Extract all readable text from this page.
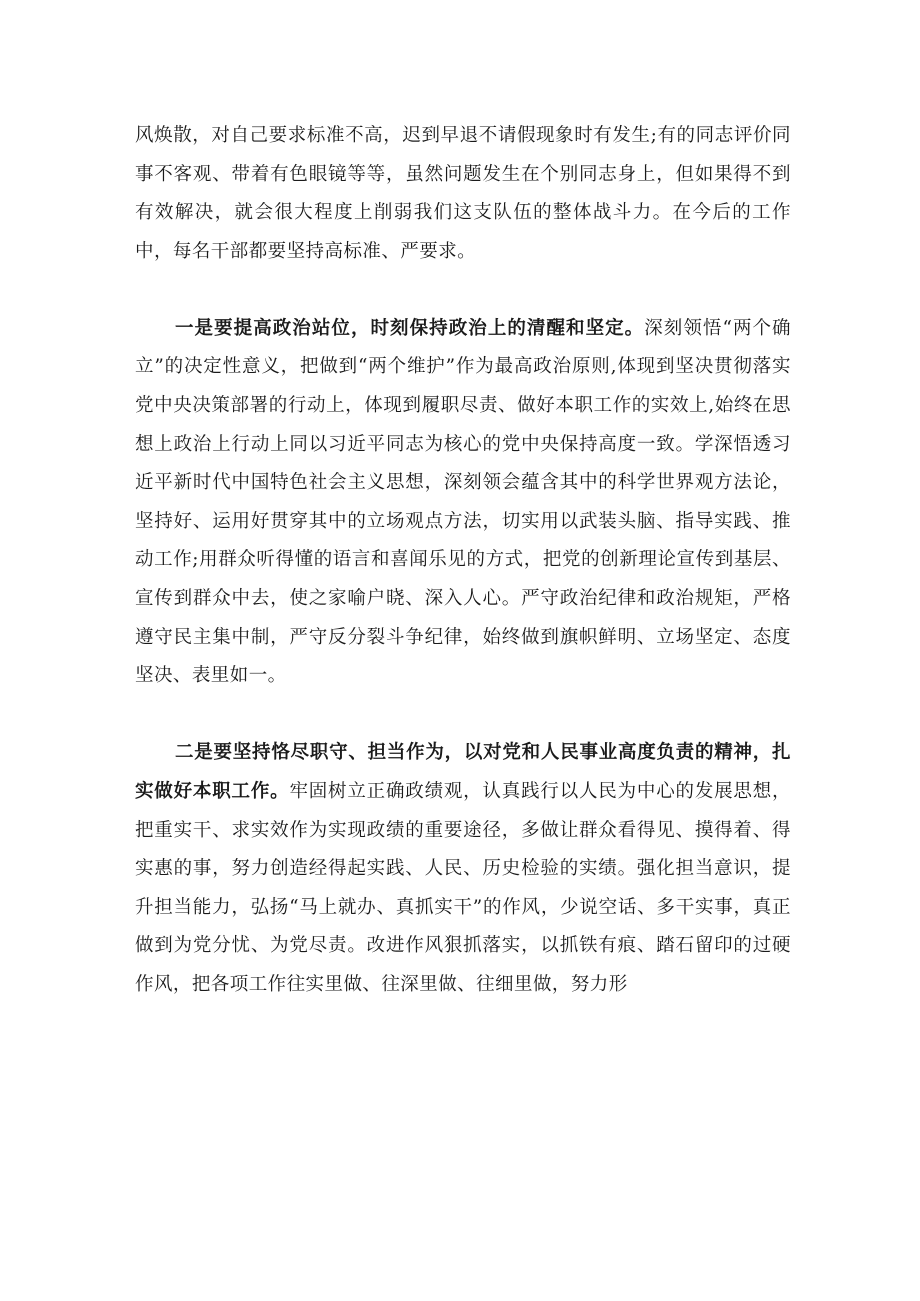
风焕散，对自己要求标准不高，迟到早退不请假现象时有发生;有的同志评价同事不客观、带着有色眼镜等等，虽然问题发生在个别同志身上，但如果得不到有效解决，就会很大程度上削弱我们这支队伍的整体战斗力。在今后的工作中，每名干部都要坚持高标准、严要求。

一是要提高政治站位，时刻保持政治上的清醒和坚定。深刻领悟“两个确立”的决定性意义，把做到“两个维护”作为最高政治原则,体现到坚决贯彻落实党中央决策部署的行动上，体现到履职尽责、做好本职工作的实效上,始终在思想上政治上行动上同以习近平同志为核心的党中央保持高度一致。学深悟透习近平新时代中国特色社会主义思想，深刻领会蕴含其中的科学世界观方法论，坚持好、运用好贯穿其中的立场观点方法，切实用以武装头脑、指导实践、推动工作;用群众听得懂的语言和喜闻乐见的方式，把党的创新理论宣传到基层、宣传到群众中去，使之家喻户晓、深入人心。严守政治纪律和政治规矩，严格遵守民主集中制，严守反分裂斗争纪律，始终做到旗帜鲜明、立场坚定、态度坚决、表里如一。

二是要坚持恪尽职守、担当作为，以对党和人民事业高度负责的精神，扎实做好本职工作。牢固树立正确政绩观，认真践行以人民为中心的发展思想，把重实干、求实效作为实现政绩的重要途径，多做让群众看得见、摸得着、得实惠的事，努力创造经得起实践、人民、历史检验的实绩。强化担当意识，提升担当能力，弘扬“马上就办、真抓实干”的作风，少说空话、多干实事，真正做到为党分忧、为党尽责。改进作风狠抓落实，以抓铁有痕、踏石留印的过硬作风，把各项工作往实里做、往深里做、往细里做，努力形
